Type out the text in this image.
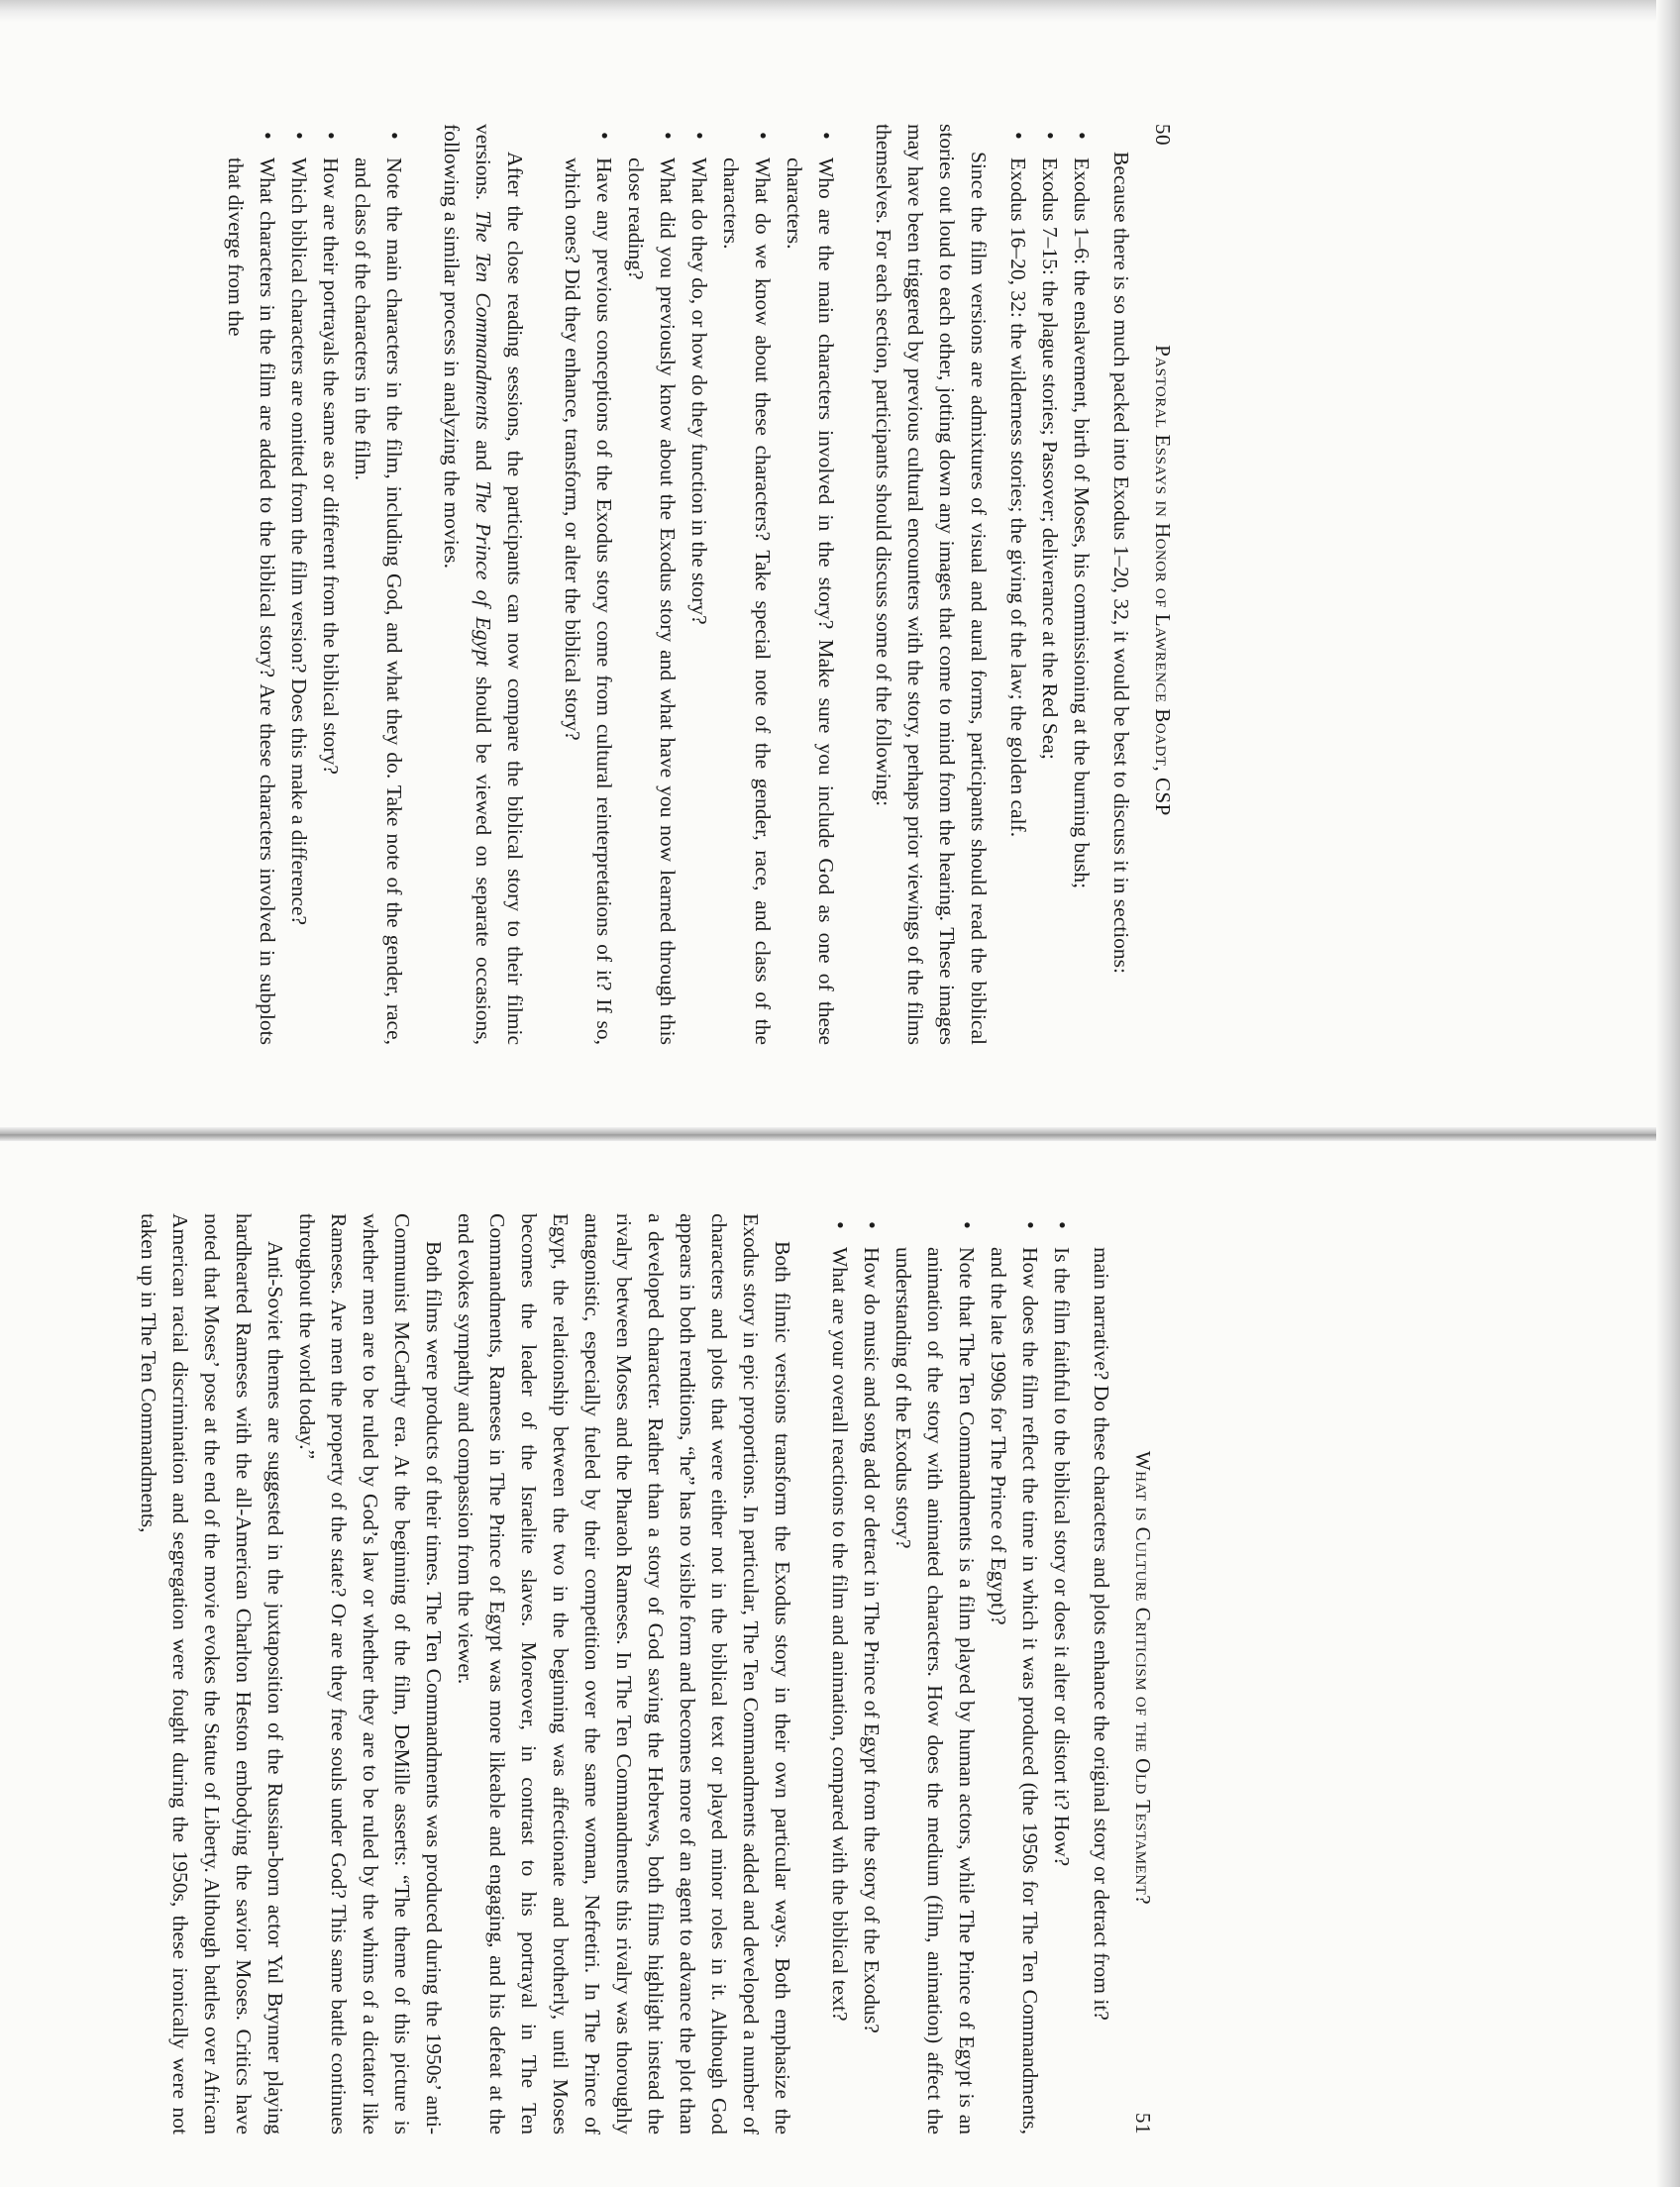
50
Pastoral Essays in Honor of Lawrence Boadt, CSP

Because there is so much packed into Exodus 1–20, 32, it would be best to discuss it in sections:

• Exodus 1–6: the enslavement, birth of Moses, his commissioning at the burning bush;
• Exodus 7–15: the plague stories; Passover; deliverance at the Red Sea;
• Exodus 16–20, 32: the wilderness stories; the giving of the law; the golden calf.

Since the film versions are admixtures of visual and aural forms, participants should read the biblical stories out loud to each other, jotting down any images that come to mind from the hearing. These images may have been triggered by previous cultural encounters with the story, perhaps prior viewings of the films themselves. For each section, participants should discuss some of the following:

• Who are the main characters involved in the story? Make sure you include God as one of these characters.
• What do we know about these characters? Take special note of the gender, race, and class of the characters.
• What do they do, or how do they function in the story?
• What did you previously know about the Exodus story and what have you now learned through this close reading?
• Have any previous conceptions of the Exodus story come from cultural reinterpretations of it? If so, which ones? Did they enhance, transform, or alter the biblical story?

After the close reading sessions, the participants can now compare the biblical story to their filmic versions. The Ten Commandments and The Prince of Egypt should be viewed on separate occasions, following a similar process in analyzing the movies.

• Note the main characters in the film, including God, and what they do. Take note of the gender, race, and class of the characters in the film.
• How are their portrayals the same as or different from the biblical story?
• Which biblical characters are omitted from the film version? Does this make a difference?
• What characters in the film are added to the biblical story? Are these characters involved in subplots that diverge from the
What is Culture Criticism of the Old Testament?
51

main narrative? Do these characters and plots enhance the original story or detract from it?

• Is the film faithful to the biblical story or does it alter or distort it? How?
• How does the film reflect the time in which it was produced (the 1950s for The Ten Commandments, and the late 1990s for The Prince of Egypt)?
• Note that The Ten Commandments is a film played by human actors, while The Prince of Egypt is an animation of the story with animated characters. How does the medium (film, animation) affect the understanding of the Exodus story?
• How do music and song add or detract in The Prince of Egypt from the story of the Exodus?
• What are your overall reactions to the film and animation, compared with the biblical text?

Both filmic versions transform the Exodus story in their own particular ways. Both emphasize the Exodus story in epic proportions. In particular, The Ten Commandments added and developed a number of characters and plots that were either not in the biblical text or played minor roles in it. Although God appears in both renditions, “he” has no visible form and becomes more of an agent to advance the plot than a developed character. Rather than a story of God saving the Hebrews, both films highlight instead the rivalry between Moses and the Pharaoh Rameses. In The Ten Commandments this rivalry was thoroughly antagonistic, especially fueled by their competition over the same woman, Nefretiri. In The Prince of Egypt, the relationship between the two in the beginning was affectionate and brotherly, until Moses becomes the leader of the Israelite slaves. Moreover, in contrast to his portrayal in The Ten Commandments, Rameses in The Prince of Egypt was more likeable and engaging, and his defeat at the end evokes sympathy and compassion from the viewer.

Both films were products of their times. The Ten Commandments was produced during the 1950s’ anti-Communist McCarthy era. At the beginning of the film, DeMille asserts: “The theme of this picture is whether men are to be ruled by God’s law or whether they are to be ruled by the whims of a dictator like Rameses. Are men the property of the state? Or are they free souls under God? This same battle continues throughout the world today.”

Anti-Soviet themes are suggested in the juxtaposition of the Russian-born actor Yul Brynner playing hardhearted Rameses with the all-American Charlton Heston embodying the savior Moses. Critics have noted that Moses’ pose at the end of the movie evokes the Statue of Liberty. Although battles over African American racial discrimination and segregation were fought during the 1950s, these ironically were not taken up in The Ten Commandments,
